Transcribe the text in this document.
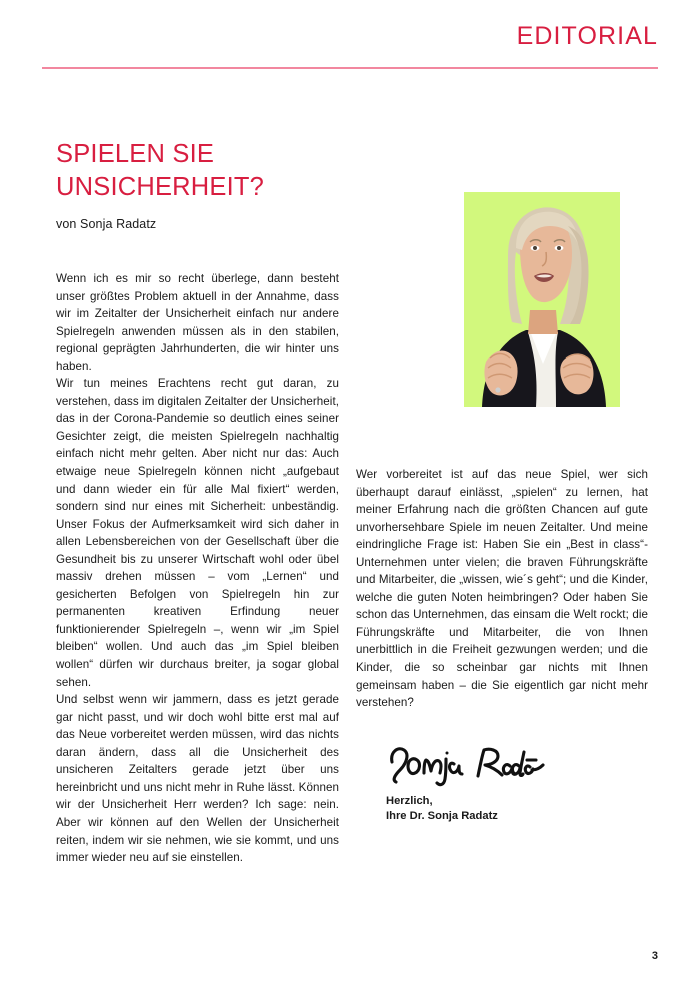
EDITORIAL
SPIELEN SIE
UNSICHERHEIT?
von Sonja Radatz

Wenn ich es mir so recht überlege, dann besteht unser größtes Problem aktuell in der Annahme, dass wir im Zeitalter der Unsicherheit einfach nur andere Spielregeln anwenden müssen als in den stabilen, regional geprägten Jahrhunderten, die wir hinter uns haben.

Wir tun meines Erachtens recht gut daran, zu verstehen, dass im digitalen Zeitalter der Unsicherheit, das in der Corona-Pandemie so deutlich eines seiner Gesichter zeigt, die meisten Spielregeln nachhaltig einfach nicht mehr gelten. Aber nicht nur das: Auch etwaige neue Spielregeln können nicht „aufgebaut und dann wieder ein für alle Mal fixiert“ werden, sondern sind nur eines mit Sicherheit: unbeständig. Unser Fokus der Aufmerksamkeit wird sich daher in allen Lebensbereichen von der Gesellschaft über die Gesundheit bis zu unserer Wirtschaft wohl oder übel massiv drehen müssen – vom „Lernen“ und gesicherten Befolgen von Spielregeln hin zur permanenten kreativen Erfindung neuer funktionierender Spielregeln –, wenn wir „im Spiel bleiben“ wollen. Und auch das „im Spiel bleiben wollen“ dürfen wir durchaus breiter, ja sogar global sehen.

Und selbst wenn wir jammern, dass es jetzt gerade gar nicht passt, und wir doch wohl bitte erst mal auf das Neue vorbereitet werden müssen, wird das nichts daran ändern, dass all die Unsicherheit des unsicheren Zeitalters gerade jetzt über uns hereinbricht und uns nicht mehr in Ruhe lässt. Können wir der Unsicherheit Herr werden? Ich sage: nein. Aber wir können auf den Wellen der Unsicherheit reiten, indem wir sie nehmen, wie sie kommt, und uns immer wieder neu auf sie einstellen.

Wer vorbereitet ist auf das neue Spiel, wer sich überhaupt darauf einlässt, „spielen“ zu lernen, hat meiner Erfahrung nach die größten Chancen auf gute unvorhersehbare Spiele im neuen Zeitalter. Und meine eindringliche Frage ist: Haben Sie ein „Best in class“-Unternehmen unter vielen; die braven Führungskräfte und Mitarbeiter, die „wissen, wie´s geht“; und die Kinder, welche die guten Noten heimbringen? Oder haben Sie schon das Unternehmen, das einsam die Welt rockt; die Führungskräfte und Mitarbeiter, die von Ihnen unerbittlich in die Freiheit gezwungen werden; und die Kinder, die so scheinbar gar nichts mit Ihnen gemeinsam haben – die Sie eigentlich gar nicht mehr verstehen?

Herzlich,
Ihre Dr. Sonja Radatz
3
